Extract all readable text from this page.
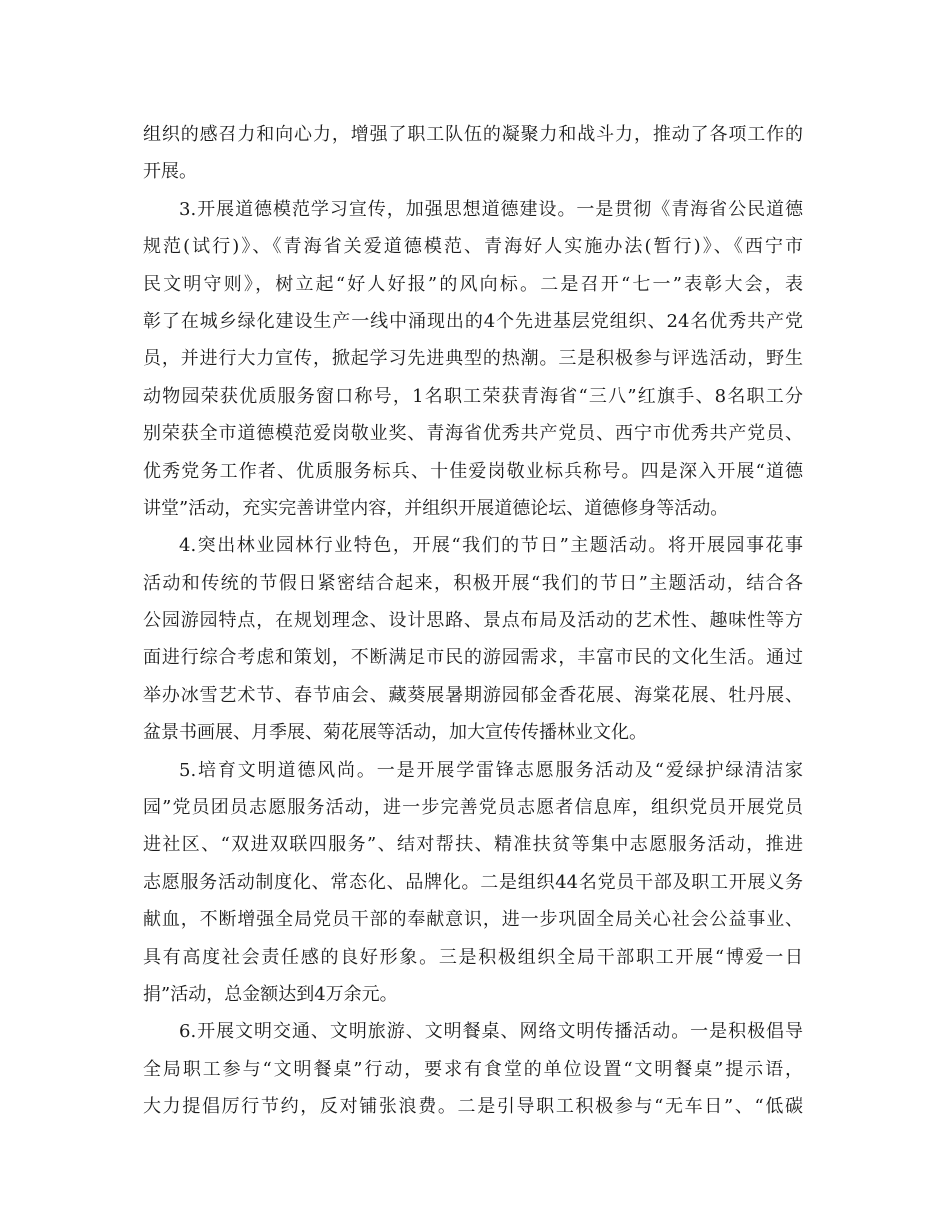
组织的感召力和向心力，增强了职工队伍的凝聚力和战斗力，推动了各项工作的
开展。
3.开展道德模范学习宣传，加强思想道德建设。一是贯彻《青海省公民道德
规范(试行)》、《青海省关爱道德模范、青海好人实施办法(暂行)》、《西宁市
民文明守则》，树立起“好人好报”的风向标。二是召开“七一”表彰大会，表
彰了在城乡绿化建设生产一线中涌现出的4个先进基层党组织、24名优秀共产党
员，并进行大力宣传，掀起学习先进典型的热潮。三是积极参与评选活动，野生
动物园荣获优质服务窗口称号，1名职工荣获青海省“三八”红旗手、8名职工分
别荣获全市道德模范爱岗敬业奖、青海省优秀共产党员、西宁市优秀共产党员、
优秀党务工作者、优质服务标兵、十佳爱岗敬业标兵称号。四是深入开展“道德
讲堂”活动，充实完善讲堂内容，并组织开展道德论坛、道德修身等活动。
4.突出林业园林行业特色，开展“我们的节日”主题活动。将开展园事花事
活动和传统的节假日紧密结合起来，积极开展“我们的节日”主题活动，结合各
公园游园特点，在规划理念、设计思路、景点布局及活动的艺术性、趣味性等方
面进行综合考虑和策划，不断满足市民的游园需求，丰富市民的文化生活。通过
举办冰雪艺术节、春节庙会、藏葵展暑期游园郁金香花展、海棠花展、牡丹展、
盆景书画展、月季展、菊花展等活动，加大宣传传播林业文化。
5.培育文明道德风尚。一是开展学雷锋志愿服务活动及“爱绿护绿清洁家
园”党员团员志愿服务活动，进一步完善党员志愿者信息库，组织党员开展党员
进社区、“双进双联四服务”、结对帮扶、精准扶贫等集中志愿服务活动，推进
志愿服务活动制度化、常态化、品牌化。二是组织44名党员干部及职工开展义务
献血，不断增强全局党员干部的奉献意识，进一步巩固全局关心社会公益事业、
具有高度社会责任感的良好形象。三是积极组织全局干部职工开展“博爱一日
捐”活动，总金额达到4万余元。
6.开展文明交通、文明旅游、文明餐桌、网络文明传播活动。一是积极倡导
全局职工参与“文明餐桌”行动，要求有食堂的单位设置“文明餐桌”提示语，
大力提倡厉行节约，反对铺张浪费。二是引导职工积极参与“无车日”、“低碳
